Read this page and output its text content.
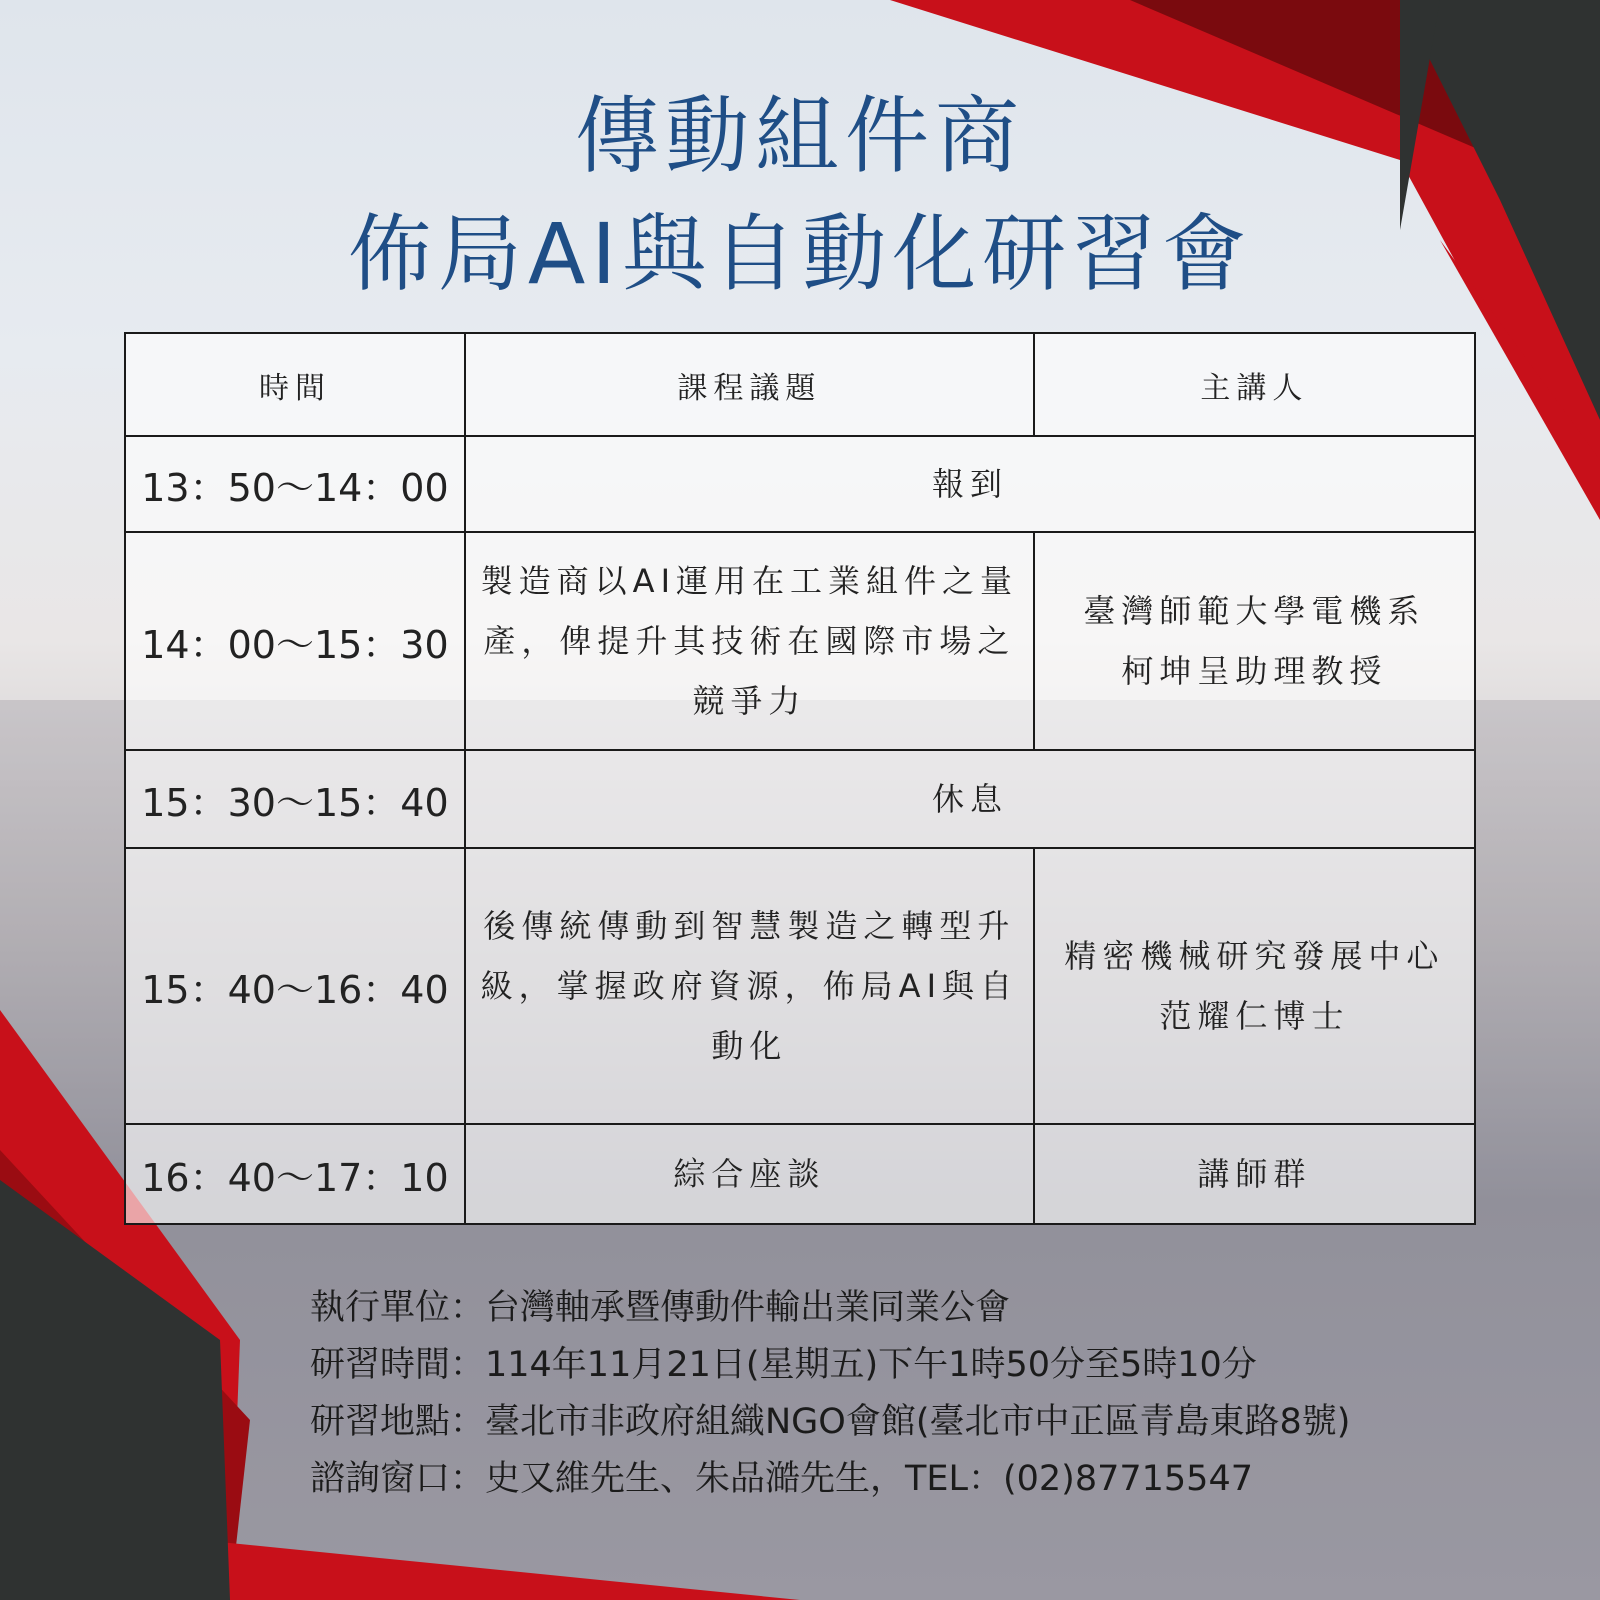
傳動組件商
佈局AI與自動化研習會
時間	課程議題	主講人
13：50～14：00	報到	
14：00～15：30	製造商以AI運用在工業組件之量產，俾提升其技術在國際市場之競爭力	臺灣師範大學電機系柯坤呈助理教授
15：30～15：40	休息	
15：40～16：40	後傳統傳動到智慧製造之轉型升級，掌握政府資源，佈局AI與自動化	精密機械研究發展中心范耀仁博士
16：40～17：10	綜合座談	講師群
執行單位：台灣軸承暨傳動件輸出業同業公會
研習時間：114年11月21日(星期五)下午1時50分至5時10分
研習地點：臺北市非政府組織NGO會館(臺北市中正區青島東路8號)
諮詢窗口：史又維先生、朱品澔先生，TEL：(02)87715547
